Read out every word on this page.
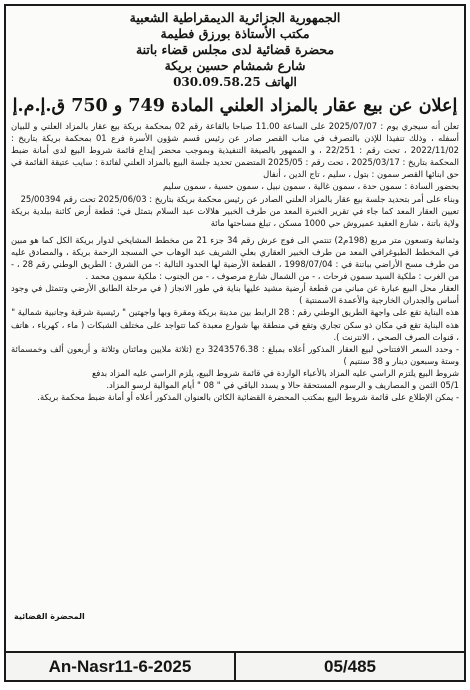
الجمهورية الجزائرية الديمقراطية الشعبية
مكتب الأستاذة بورزق فطيمة
محضرة قضائية لدى مجلس قضاء باتنة
شارع شمشام حسين بريكة
الهاتف 030.09.58.25
إعلان عن بيع عقار بالمزاد العلني المادة 749 و 750 ق.إ.م.إ

تعلن أنه سيجري يوم : 2025/07/07 على الساعة 11.00 صباحا بالقاعة رقم 02 بمحكمة بريكة بيع عقار بالمزاد العلني و للبيان أسفله ، وذلك تنفيذا للإذن بالتصرف في مناب القصر صادر عن رئيس قسم شؤون الأسرة فرع 01 بمحكمة بريكة بتاريخ : 2022/11/02 ، تحت رقم : 22/251 ، و الممهور بالصيغة التنفيذية وبموجب محضر إيداع قائمة شروط البيع لدى أمانة ضبط المحكمة بتاريخ : 2025/03/17 ، تحت رقم : 2025/05 المتضمن تحديد جلسة البيع بالمزاد العلني لفائدة : سايب عتيقة القائمة في حق ابنائها القصر سمون : بتول ، سليم ، تاج الدين ، أنفال

بحضور السادة : سمون حدة ، سمون غالية ، سمون نبيل ، سمون حسية ، سمون سليم

وبناء على أمر بتحديد جلسة بيع عقار بالمزاد العلني الصادر عن رئيس محكمة بريكة بتاريخ : 2025/06/03 تحت رقم 25/00394

تعيين العقار المعد كما جاء في تقرير الخبرة المعد من طرف الخبير هلالات عبد السلام بتمثل في: قطعة أرض كائنة ببلدية بريكة ولاية باتنة ، شارع العقيد عميروش حي 1000 مسكن ، تبلغ مساحتها مائة

وثمانية وتسعون متر مربع (198م2) تنتمي الى فوج عرش رقم 34 جزء 21 من مخطط المشايخي لدوار بريكة الكل كما هو مبين في المخطط الطبوغرافي المعد من طرف الخبير العقاري بعلي الشريف عبد الوهاب حي المسجد الرحمة بريكة ، والمصادق عليه من طرف مسح الأراضي بباتنة في : 1998/07/04 ، القطعة الأرضية لها الحدود التالية :- من الشرق : الطريق الوطني رقم 28 ، - من الغرب : ملكية السيد سمون فرحات ، - من الشمال شارع مرصوف ، - من الجنوب : ملكية سمون محمد .

العقار محل البيع عبارة عن مباني من قطعة أرضية مشيد عليها بناية في طور الانجاز ( في مرحلة الطابق الأرضي وتتمثل في وجود أساس والجدران الخارجية والأعمدة الاسمنتية )

هذه البناية تقع على واجهة الطريق الوطني رقم : 28 الرابط بين مدينة بريكة ومقرة وبها واجهتين " رئيسية شرقية وجانبية شمالية "

هذه البناية تقع في مكان ذو سكن تجاري وتقع في منطقة بها شوارع معبدة كما تتواجد على مختلف الشبكات ( ماء ، كهرباء ، هاتف ، قنوات الصرف الصحي ، الانترنت ).

- وحدد السعر الافتتاحي لبيع العقار المذكور أعلاه بمبلغ : 3243576.38 دج (ثلاثة ملايين ومائتان وثلاثة و أربعون ألف وخمسمائة وستة وسبعون دينار و 38 سنتيم )

شروط البيع يلتزم الراسي عليه المزاد بالأعباء الواردة في قائمة شروط البيع، يلزم الراسي عليه المزاد بدفع

05/1 الثمن و المصاريف و الرسوم المستحقة حالا و يسدد الباقي في " 08 " أيام الموالية لرسو المزاد.

- يمكن الإطلاع على قائمة شروط البيع بمكتب المحضرة القضائية الكائن بالعنوان المذكور أعلاه أو أمانة ضبط محكمة بريكة.

المحضرة القضائية
An-Nasr11-6-2025	05/485
